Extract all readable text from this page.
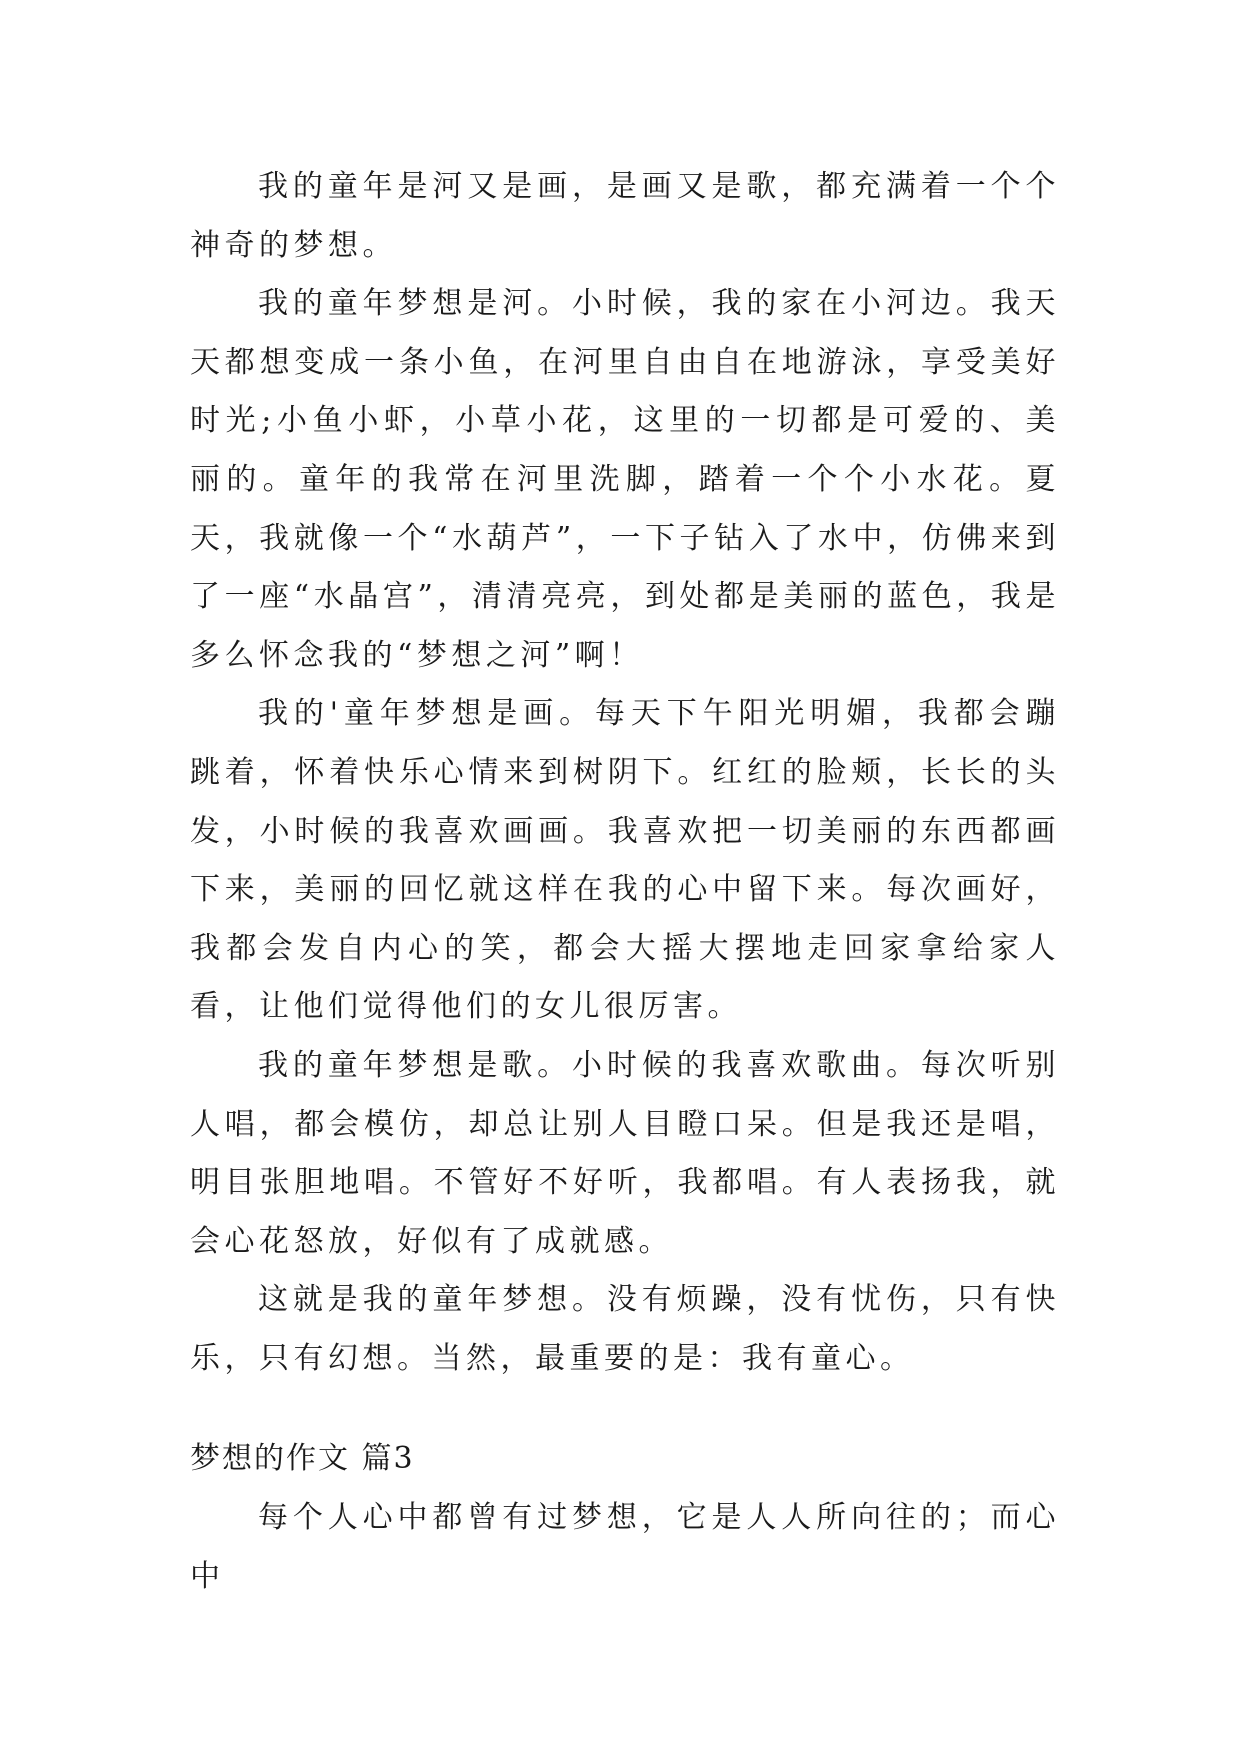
我的童年是河又是画，是画又是歌，都充满着一个个神奇的梦想。

我的童年梦想是河。小时候，我的家在小河边。我天天都想变成一条小鱼，在河里自由自在地游泳，享受美好时光;小鱼小虾，小草小花，这里的一切都是可爱的、美丽的。童年的我常在河里洗脚，踏着一个个小水花。夏天，我就像一个“水葫芦”，一下子钻入了水中，仿佛来到了一座“水晶宫”，清清亮亮，到处都是美丽的蓝色，我是多么怀念我的“梦想之河”啊！

我的'童年梦想是画。每天下午阳光明媚，我都会蹦跳着，怀着快乐心情来到树阴下。红红的脸颊，长长的头发，小时候的我喜欢画画。我喜欢把一切美丽的东西都画下来，美丽的回忆就这样在我的心中留下来。每次画好，我都会发自内心的笑，都会大摇大摆地走回家拿给家人看，让他们觉得他们的女儿很厉害。

我的童年梦想是歌。小时候的我喜欢歌曲。每次听别人唱，都会模仿，却总让别人目瞪口呆。但是我还是唱，明目张胆地唱。不管好不好听，我都唱。有人表扬我，就会心花怒放，好似有了成就感。

这就是我的童年梦想。没有烦躁，没有忧伤，只有快乐，只有幻想。当然，最重要的是：我有童心。

梦想的作文 篇3

每个人心中都曾有过梦想，它是人人所向往的；而心中
